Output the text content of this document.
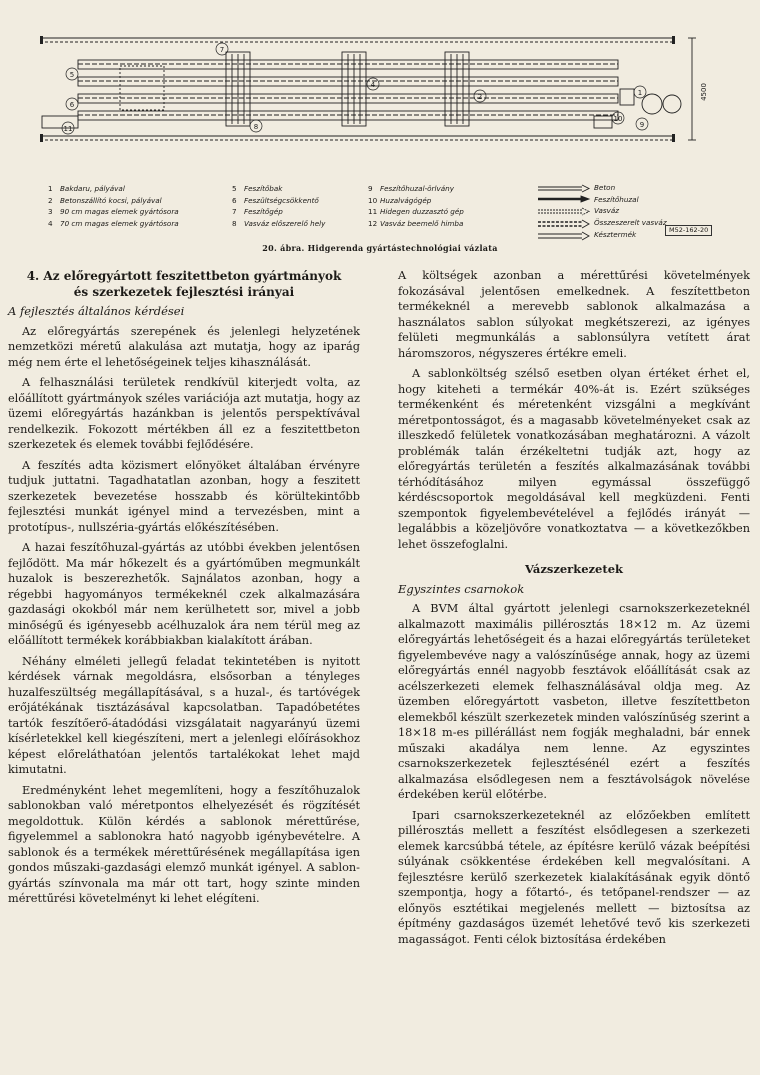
5
6
7
8
4
2
11
10
9
1	4500
1 Bakdaru, pályával
2 Betonszállító kocsi, pályával
3 90 cm magas elemek gyártósora
4 70 cm magas elemek gyártósora
5 Feszítőbak
6 Feszültségcsökkentő
7 Feszítőgép
8 Vasváz előszerelő hely
9 Feszítőhuzal-örlvány
10 Huzalvágógép
11 Hidegen duzzasztó gép
12 Vasváz beemelő himba
Beton
Feszítőhuzal
Vasváz
Összeszerelt vasváz
Késztermék	M52-162-20
20. ábra. Hidgerenda gyártástechnológiai vázlata
4. Az előregyártott feszitettbeton gyártmányok
és szerkezetek fejlesztési irányai
A fejlesztés általános kérdései

Az előregyártás szerepének és jelenlegi helyzetének nemzetközi méretű alakulása azt mutatja, hogy az iparág még nem érte el lehetőségeinek teljes kihasználását.

A felhasználási területek rendkívül kiterjedt volta, az előállított gyártmányok széles variációja azt mutatja, hogy az üzemi előregyártás hazánkban is jelentős perspektívával rendelkezik. Fokozott mértékben áll ez a feszitettbeton szerkezetek és elemek további fejlődésére.

A feszítés adta közismert előnyöket általában érvényre tudjuk juttatni. Tagadhatatlan azonban, hogy a feszitett szerkezetek bevezetése hosszabb és körültekintőbb fejlesztési munkát igényel mind a tervezésben, mint a prototípus-, nullszéria-gyártás előkészítésében.

A hazai feszítőhuzal-gyártás az utóbbi években jelentősen fejlődött. Ma már hőkezelt és a gyártóműben megmunkált huzalok is beszerezhetők. Sajnálatos azonban, hogy a régebbi hagyományos termékeknél czek alkalmazására gazdasági okokból már nem kerülhetett sor, mivel a jobb minőségű és igényesebb acélhuzalok ára nem térül meg az előállított termékek korábbiakban kialakított árában.

Néhány elméleti jellegű feladat tekintetében is nyitott kérdések várnak megoldásra, elsősorban a tényleges huzalfeszültség megállapításával, s a huzal-, és tartóvégek erőjátékának tisztázásával kapcsolatban. Tapadóbetétes tartók feszítőerő-átadódási vizsgálatait nagyarányú üzemi kísérletekkel kell kiegészíteni, mert a jelenlegi előírásokhoz képest előreláthatóan jelentős tartalékokat lehet majd kimutatni.

Eredményként lehet megemlíteni, hogy a feszítőhuzalok sablonokban való méretpontos elhelyezését és rögzítését megoldottuk. Külön kérdés a sablonok mérettűrése, figyelemmel a sablonokra ható nagyobb igénybevételre. A sablonok és a termékek mérettűrésének megállapítása igen gondos műszaki-gazdasági elemző munkát igényel. A sablon-gyártás színvonala ma már ott tart, hogy szinte minden mérettűrési követelményt ki lehet elégíteni.

A költségek azonban a mérettűrési követelmények fokozásával jelentősen emelkednek. A feszítettbeton termékeknél a merevebb sablonok alkalmazása a használatos sablon súlyokat megkétszerezi, az igényes felületi megmunkálás a sablonsúlyra vetített árat háromszoros, négyszeres értékre emeli.

A sablonköltség szélső esetben olyan értéket érhet el, hogy kiteheti a termékár 40%-át is. Ezért szükséges termékenként és méretenként vizsgálni a megkívánt méretpontosságot, és a magasabb követelményeket csak az illeszkedő felületek vonatkozásában meghatározni. A vázolt problémák talán érzékeltetni tudják azt, hogy az előregyártás területén a feszítés alkalmazásának további térhódításához milyen egymással összefüggő kérdéscsoportok megoldásával kell megküzdeni. Fenti szempontok figyelembevételével a fejlődés irányát — legalábbis a közeljövőre vonatkoztatva — a következőkben lehet összefoglalni.

Vázszerkezetek
Egyszintes csarnokok

A BVM által gyártott jelenlegi csarnokszerkezeteknél alkalmazott maximális pillérosztás 18×12 m. Az üzemi előregyártás lehetőségeit és a hazai előregyártás területeket figyelembevéve nagy a valószínűsége annak, hogy az üzemi előregyártás ennél nagyobb fesztávok előállítását csak az acélszerkezeti elemek felhasználásával oldja meg. Az üzemben előregyártott vasbeton, illetve feszítettbeton elemekből készült szerkezetek minden valószínűség szerint a 18×18 m-es pillérállást nem fogják meghaladni, bár ennek műszaki akadálya nem lenne. Az egyszintes csarnokszerkezetek fejlesztésénél ezért a feszítés alkalmazása elsődlegesen nem a fesztávolságok növelése érdekében kerül előtérbe.

Ipari csarnokszerkezeteknél az előzőekben említett pillérosztás mellett a feszítést elsődlegesen a szerkezeti elemek karcsúbbá tétele, az építésre kerülő vázak beépítési súlyának csökkentése érdekében kell megvalósítani. A fejlesztésre kerülő szerkezetek kialakításának egyik döntő szempontja, hogy a főtartó-, és tetőpanel-rendszer — az előnyös esztétikai megjelenés mellett — biztosítsa az építmény gazdaságos üzemét lehetővé tevő kis szerkezeti magasságot. Fenti célok biztosítása érdekében
